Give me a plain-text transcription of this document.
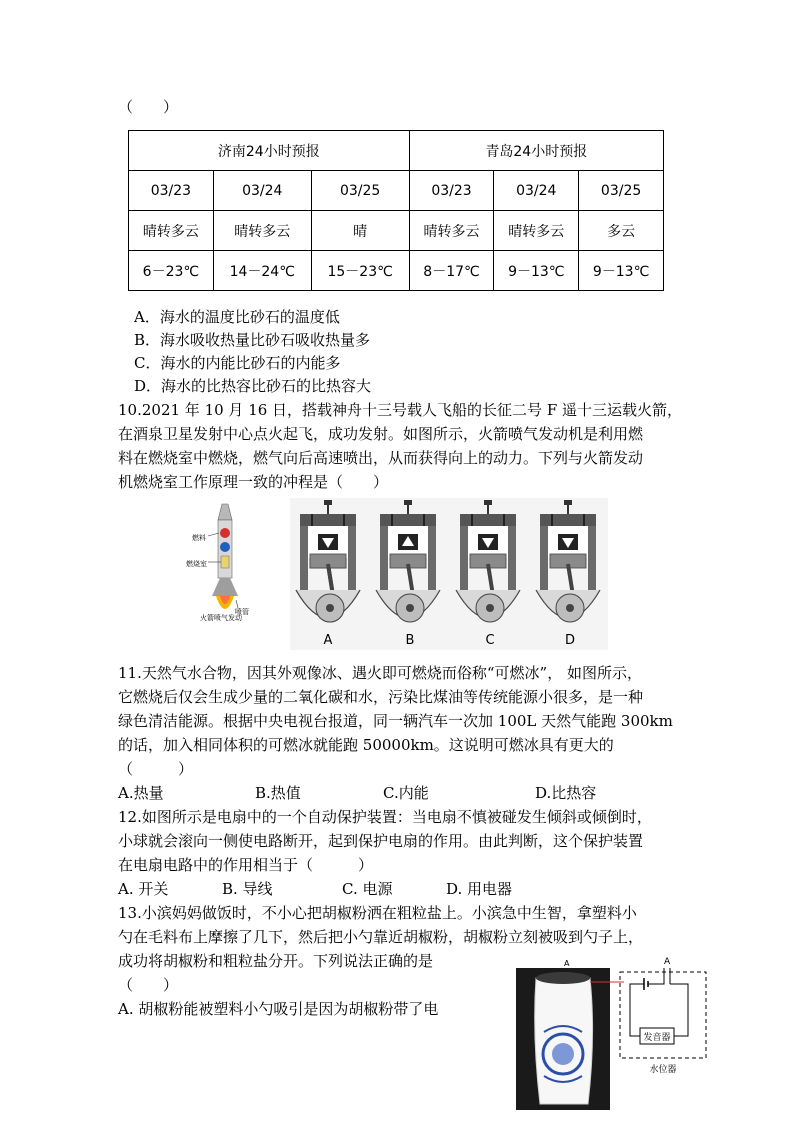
（　　）
济南24小时预报			青岛24小时预报		
03/23	03/24	03/25	03/23	03/24	03/25
晴转多云	晴转多云	晴	晴转多云	晴转多云	多云
6－23℃	14－24℃	15－23℃	8－17℃	9－13℃	9－13℃
A．海水的温度比砂石的温度低
B．海水吸收热量比砂石吸收热量多
C．海水的内能比砂石的内能多
D．海水的比热容比砂石的比热容大
10.2021 年 10 月 16 日，搭载神舟十三号载人飞船的长征二号 F 遥十三运载火箭，
在酒泉卫星发射中心点火起飞，成功发射。如图所示，火箭喷气发动机是利用燃
料在燃烧室中燃烧，燃气向后高速喷出，从而获得向上的动力。下列与火箭发动
机燃烧室工作原理一致的冲程是（　　）
燃料
燃烧室
喷管
火箭喷气发动
A	B	C	D
11.天然气水合物，因其外观像冰、遇火即可燃烧而俗称“可燃冰”， 如图所示，
它燃烧后仅会生成少量的二氧化碳和水，污染比煤油等传统能源小很多，是一种
绿色清洁能源。根据中央电视台报道，同一辆汽车一次加 100L 天然气能跑 300km
的话，加入相同体积的可燃冰就能跑 50000km。这说明可燃冰具有更大的
（　　　）
A.热量	B.热值	C.内能	D.比热容
12.如图所示是电扇中的一个自动保护装置：当电扇不慎被碰发生倾斜或倾倒时，
小球就会滚向一侧使电路断开，起到保护电扇的作用。由此判断，这个保护装置
在电扇电路中的作用相当于（　　　）
A. 开关	B. 导线	C. 电源	D. 用电器
13.小滨妈妈做饭时，不小心把胡椒粉洒在粗粒盐上。小滨急中生智，拿塑料小
勺在毛料布上摩擦了几下，然后把小勺靠近胡椒粉，胡椒粉立刻被吸到勺子上，
成功将胡椒粉和粗粒盐分开。下列说法正确的是
（　　）
A. 胡椒粉能被塑料小勺吸引是因为胡椒粉带了电
A
发音器
A
水位器
